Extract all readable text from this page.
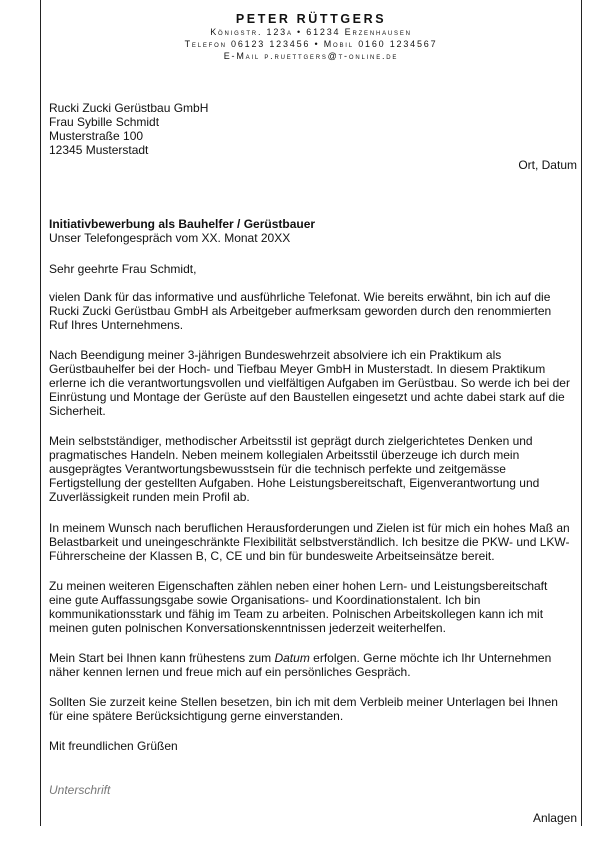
PETER RÜTTGERS
Königstr. 123a • 61234 Erzenhausen
Telefon 06123 123456 • Mobil 0160 1234567
E-Mail p.ruettgers@t-online.de
Rucki Zucki Gerüstbau GmbH
Frau Sybille Schmidt
Musterstraße 100
12345 Musterstadt
Ort, Datum
Initiativbewerbung als Bauhelfer / Gerüstbauer
Unser Telefongespräch vom XX. Monat 20XX
Sehr geehrte Frau Schmidt,
vielen Dank für das informative und ausführliche Telefonat. Wie bereits erwähnt, bin ich auf die Rucki Zucki Gerüstbau GmbH als Arbeitgeber aufmerksam geworden durch den renommierten Ruf Ihres Unternehmens.
Nach Beendigung meiner 3-jährigen Bundeswehrzeit absolviere ich ein Praktikum als Gerüstbauhelfer bei der Hoch- und Tiefbau Meyer GmbH in Musterstadt. In diesem Praktikum erlerne ich die verantwortungsvollen und vielfältigen Aufgaben im Gerüstbau. So werde ich bei der Einrüstung und Montage der Gerüste auf den Baustellen eingesetzt und achte dabei stark auf die Sicherheit.
Mein selbstständiger, methodischer Arbeitsstil ist geprägt durch zielgerichtetes Denken und pragmatisches Handeln. Neben meinem kollegialen Arbeitsstil überzeuge ich durch mein ausgeprägtes Verantwortungsbewusstsein für die technisch perfekte und zeitgemässe Fertigstellung der gestellten Aufgaben. Hohe Leistungsbereitschaft, Eigenverantwortung und Zuverlässigkeit runden mein Profil ab.
In meinem Wunsch nach beruflichen Herausforderungen und Zielen ist für mich ein hohes Maß an Belastbarkeit und uneingeschränkte Flexibilität selbstverständlich. Ich besitze die PKW- und LKW-Führerscheine der Klassen B, C, CE und bin für bundesweite Arbeitseinsätze bereit.
Zu meinen weiteren Eigenschaften zählen neben einer hohen Lern- und Leistungsbereitschaft eine gute Auffassungsgabe sowie Organisations- und Koordinationstalent. Ich bin kommunikationsstark und fähig im Team zu arbeiten. Polnischen Arbeitskollegen kann ich mit meinen guten polnischen Konversationskenntnissen jederzeit weiterhelfen.
Mein Start bei Ihnen kann frühestens zum Datum erfolgen. Gerne möchte ich Ihr Unternehmen näher kennen lernen und freue mich auf ein persönliches Gespräch.
Sollten Sie zurzeit keine Stellen besetzen, bin ich mit dem Verbleib meiner Unterlagen bei Ihnen für eine spätere Berücksichtigung gerne einverstanden.
Mit freundlichen Grüßen
Unterschrift
Anlagen
